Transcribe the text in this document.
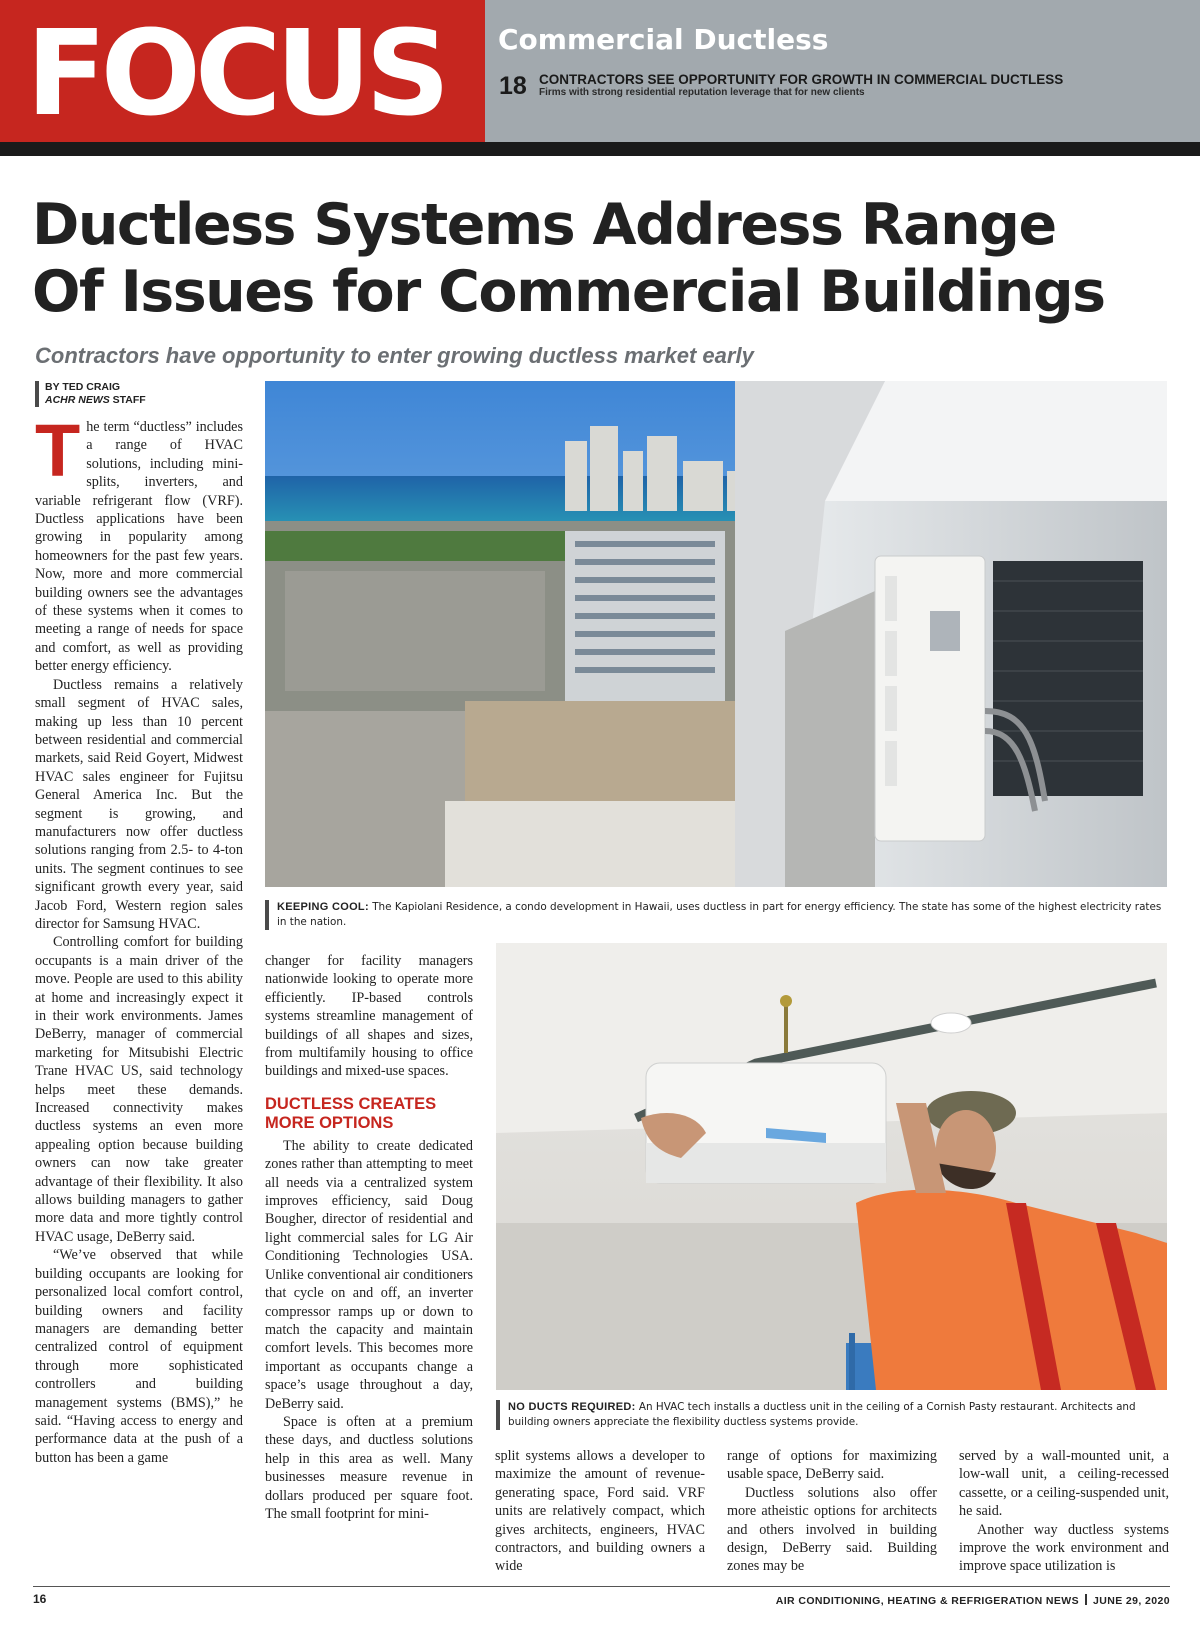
FOCUS Commercial Ductless
18 CONTRACTORS SEE OPPORTUNITY FOR GROWTH IN COMMERCIAL DUCTLESS
Firms with strong residential reputation leverage that for new clients
Ductless Systems Address Range
Of Issues for Commercial Buildings
Contractors have opportunity to enter growing ductless market early
BY TED CRAIG
ACHR NEWS STAFF

The term “ductless” includes a range of HVAC solutions, including mini-splits, inverters, and variable refrigerant flow (VRF). Ductless applications have been growing in popularity among homeowners for the past few years. Now, more and more commercial building owners see the advantages of these systems when it comes to meeting a range of needs for space and comfort, as well as providing better energy efficiency.

Ductless remains a relatively small segment of HVAC sales, making up less than 10 percent between residential and commercial markets, said Reid Goyert, Midwest HVAC sales engineer for Fujitsu General America Inc. But the segment is growing, and manufacturers now offer ductless solutions ranging from 2.5- to 4-ton units. The segment continues to see significant growth every year, said Jacob Ford, Western region sales director for Samsung HVAC.

Controlling comfort for building occupants is a main driver of the move. People are used to this ability at home and increasingly expect it in their work environments. James DeBerry, manager of commercial marketing for Mitsubishi Electric Trane HVAC US, said technology helps meet these demands. Increased connectivity makes ductless systems an even more appealing option because building owners can now take greater advantage of their flexibility. It also allows building managers to gather more data and more tightly control HVAC usage, DeBerry said.

“We’ve observed that while building occupants are looking for personalized local comfort control, building owners and facility managers are demanding better centralized control of equipment through more sophisticated controllers and building management systems (BMS),” he said. “Having access to energy and performance data at the push of a button has been a game

changer for facility managers nationwide looking to operate more efficiently. IP-based controls systems streamline management of buildings of all shapes and sizes, from multifamily housing to office buildings and mixed-use spaces.

DUCTLESS CREATES MORE OPTIONS

The ability to create dedicated zones rather than attempting to meet all needs via a centralized system improves efficiency, said Doug Bougher, director of residential and light commercial sales for LG Air Conditioning Technologies USA. Unlike conventional air conditioners that cycle on and off, an inverter compressor ramps up or down to match the capacity and maintain comfort levels. This becomes more important as occupants change a space’s usage throughout a day, DeBerry said.

Space is often at a premium these days, and ductless solutions help in this area as well. Many businesses measure revenue in dollars produced per square foot. The small footprint for mini-

split systems allows a developer to maximize the amount of revenue-generating space, Ford said. VRF units are relatively compact, which gives architects, engineers, HVAC contractors, and building owners a wide

range of options for maximizing usable space, DeBerry said.

Ductless solutions also offer more atheistic options for architects and others involved in building design, DeBerry said. Building zones may be

served by a wall-mounted unit, a low-wall unit, a ceiling-recessed cassette, or a ceiling-suspended unit, he said.

Another way ductless systems improve the work environment and improve space utilization is

KEEPING COOL: The Kapiolani Residence, a condo development in Hawaii, uses ductless in part for energy efficiency. The state has some of the highest electricity rates in the nation.
NO DUCTS REQUIRED: An HVAC tech installs a ductless unit in the ceiling of a Cornish Pasty restaurant. Architects and building owners appreciate the flexibility ductless systems provide.
16	AIR CONDITIONING, HEATING & REFRIGERATION NEWS JUNE 29, 2020
